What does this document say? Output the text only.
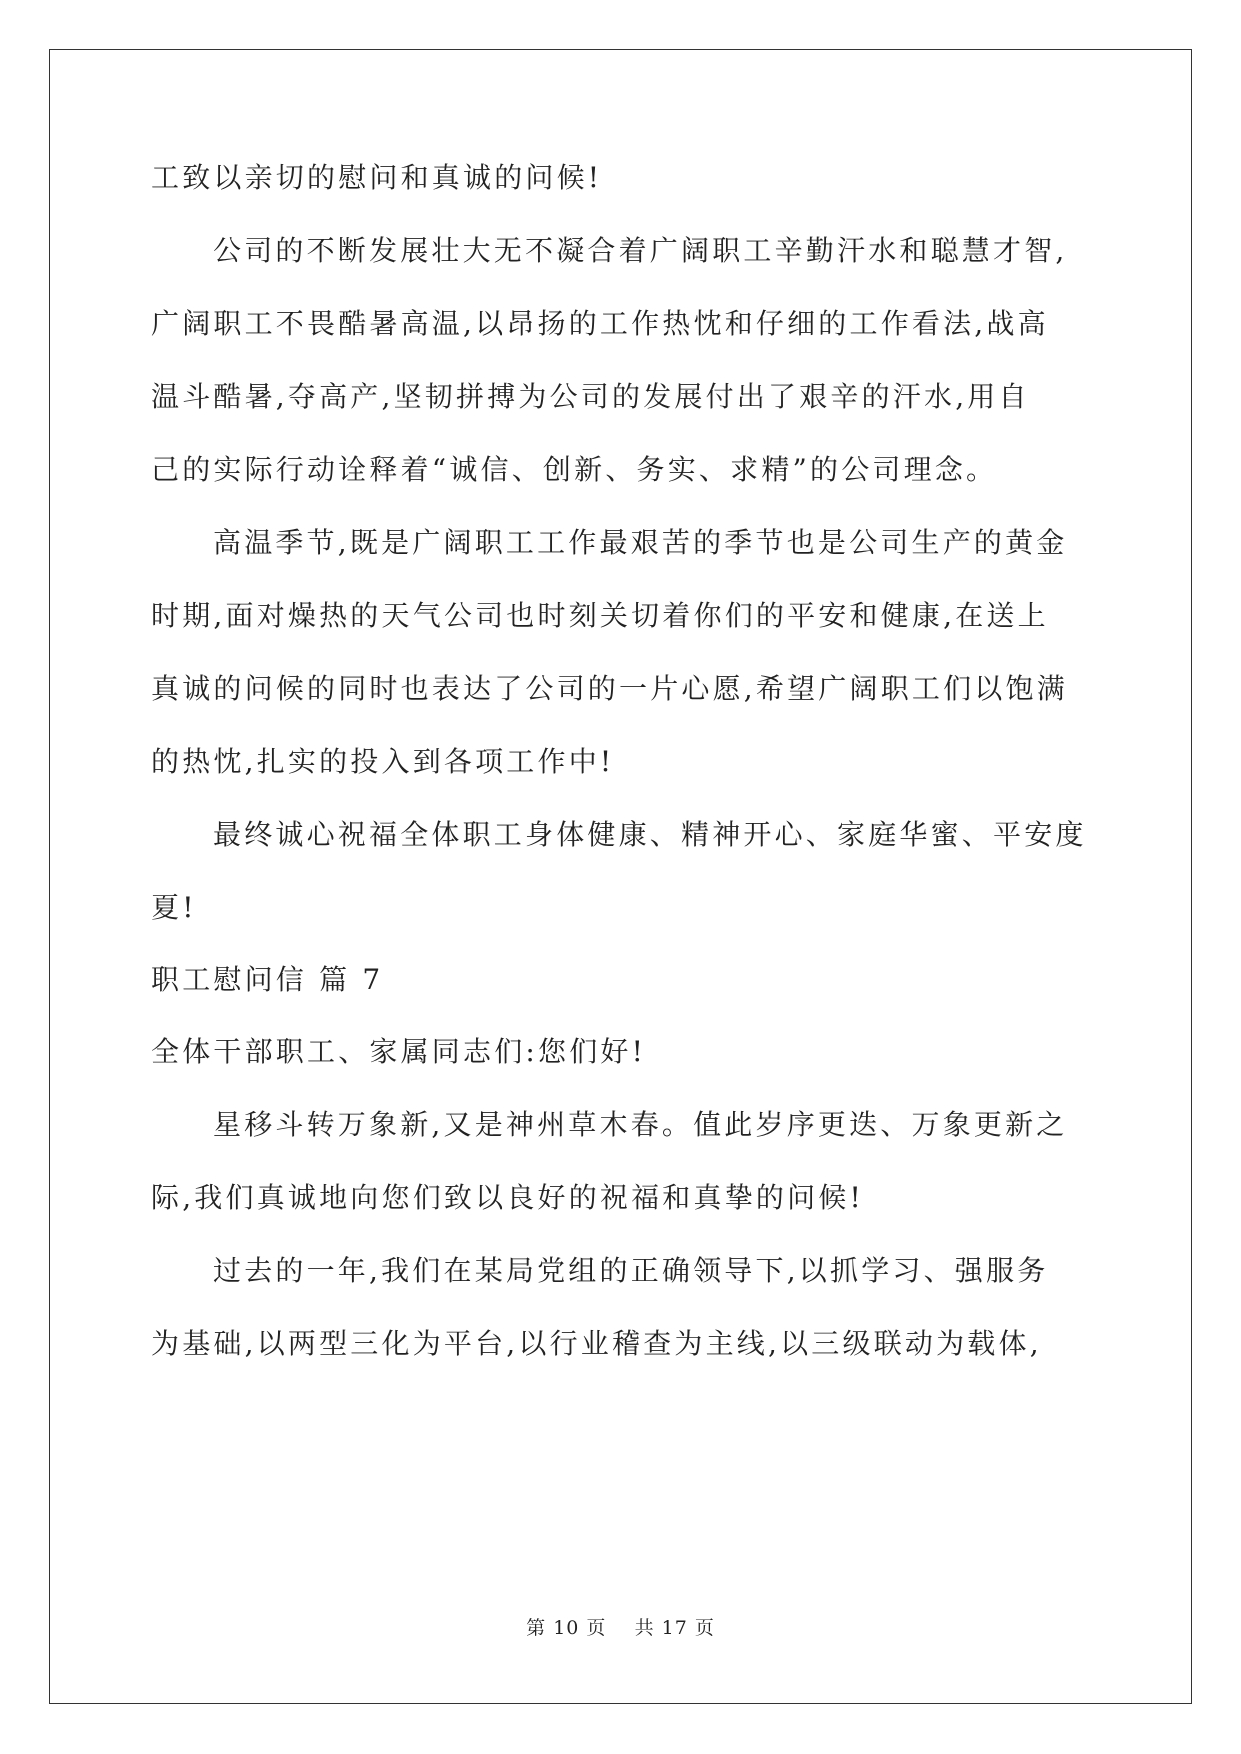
工致以亲切的慰问和真诚的问候!
公司的不断发展壮大无不凝合着广阔职工辛勤汗水和聪慧才智,
广阔职工不畏酷暑高温,以昂扬的工作热忱和仔细的工作看法,战高
温斗酷暑,夺高产,坚韧拼搏为公司的发展付出了艰辛的汗水,用自
己的实际行动诠释着“诚信、创新、务实、求精”的公司理念。
高温季节,既是广阔职工工作最艰苦的季节也是公司生产的黄金
时期,面对燥热的天气公司也时刻关切着你们的平安和健康,在送上
真诚的问候的同时也表达了公司的一片心愿,希望广阔职工们以饱满
的热忱,扎实的投入到各项工作中!
最终诚心祝福全体职工身体健康、精神开心、家庭华蜜、平安度
夏!
职工慰问信 篇 7
全体干部职工、家属同志们:您们好!
星移斗转万象新,又是神州草木春。值此岁序更迭、万象更新之
际,我们真诚地向您们致以良好的祝福和真挚的问候!
过去的一年,我们在某局党组的正确领导下,以抓学习、强服务
为基础,以两型三化为平台,以行业稽查为主线,以三级联动为载体,
第 10 页    共 17 页
